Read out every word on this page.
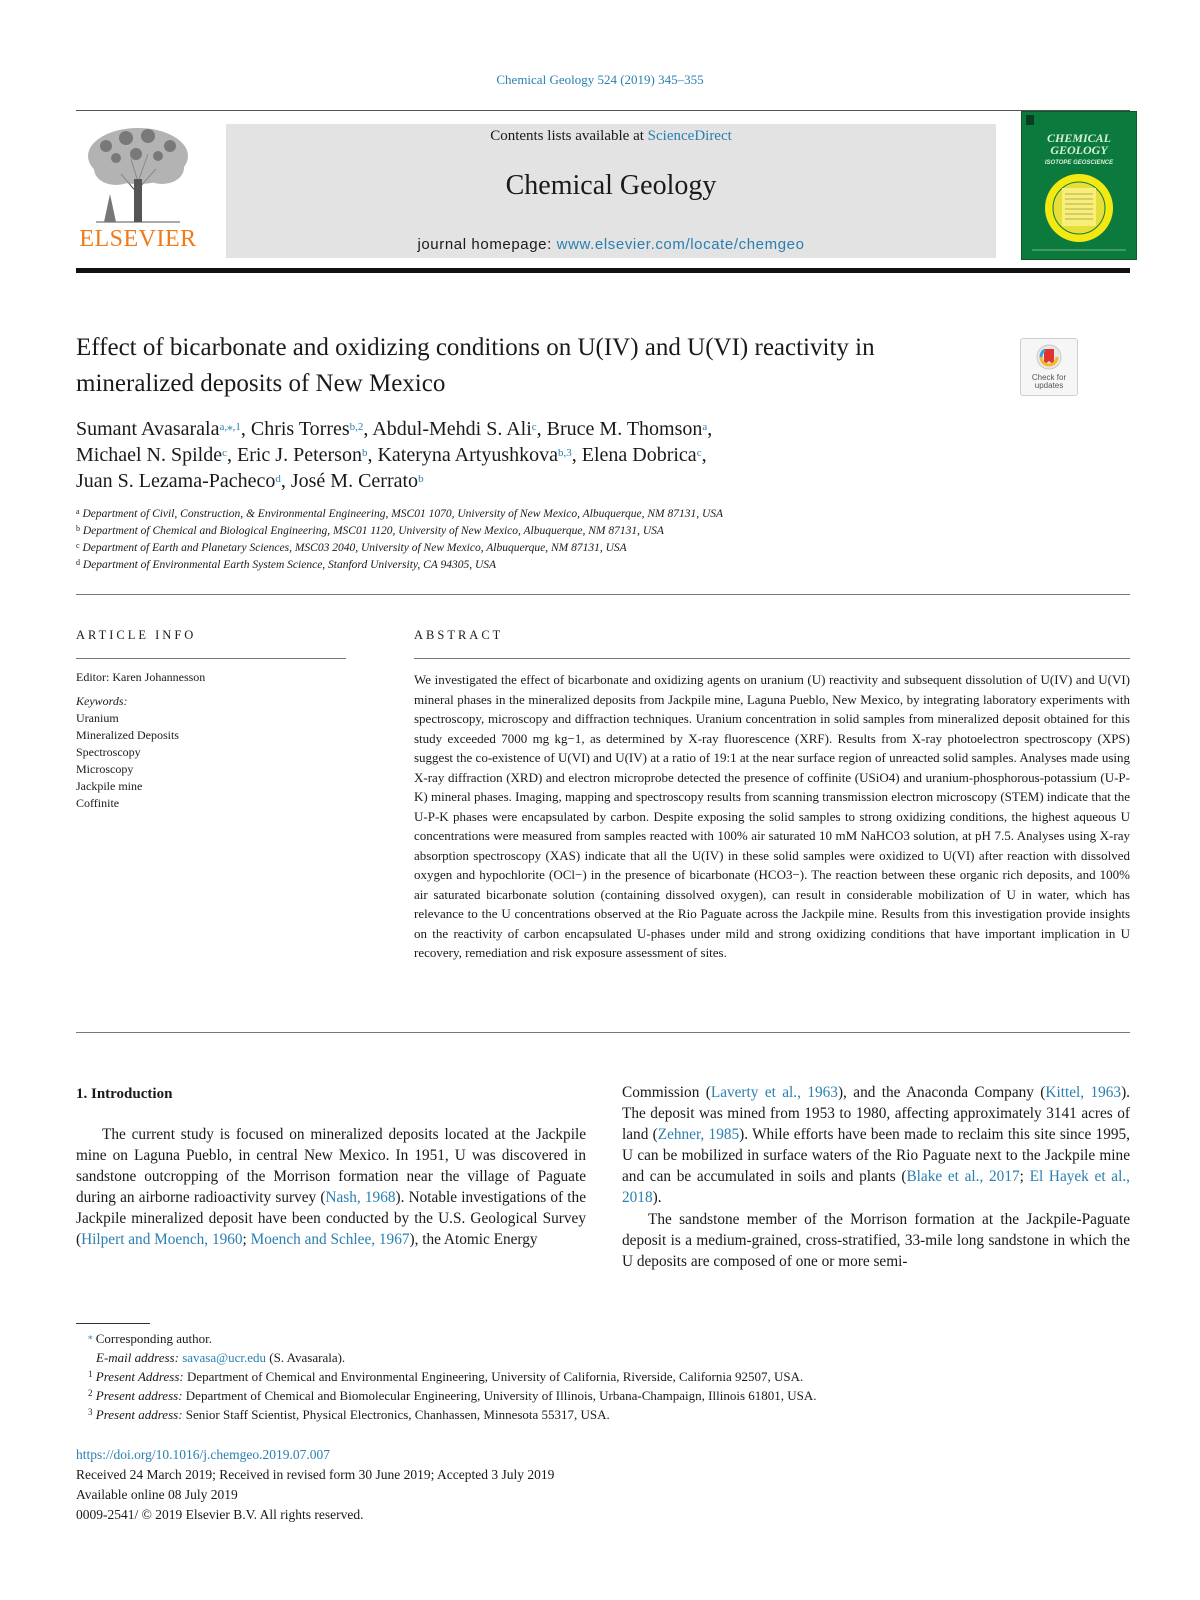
Chemical Geology 524 (2019) 345–355
ELSEVIER
Contents lists available at ScienceDirect
Chemical Geology
journal homepage: www.elsevier.com/locate/chemgeo
CHEMICAL GEOLOGY
ISOTOPE GEOSCIENCE
Effect of bicarbonate and oxidizing conditions on U(IV) and U(VI) reactivity in mineralized deposits of New Mexico	Check for updates
Sumant Avasarala$^{a,⁎,1}$, Chris Torres$^{b,2}$, Abdul-Mehdi S. Ali$^c$, Bruce M. Thomson$^a$,
Michael N. Spilde$^c$, Eric J. Peterson$^b$, Kateryna Artyushkova$^{b,3}$, Elena Dobrica$^c$,
Juan S. Lezama-Pacheco$^d$, José M. Cerrato$^b$
$^a$ Department of Civil, Construction, & Environmental Engineering, MSC01 1070, University of New Mexico, Albuquerque, NM 87131, USA
$^b$ Department of Chemical and Biological Engineering, MSC01 1120, University of New Mexico, Albuquerque, NM 87131, USA
$^c$ Department of Earth and Planetary Sciences, MSC03 2040, University of New Mexico, Albuquerque, NM 87131, USA
$^d$ Department of Environmental Earth System Science, Stanford University, CA 94305, USA
ARTICLE INFO
Editor: Karen Johannesson
Keywords:
Uranium
Mineralized Deposits
Spectroscopy
Microscopy
Jackpile mine
Coffinite
ABSTRACT
We investigated the effect of bicarbonate and oxidizing agents on uranium (U) reactivity and subsequent dissolution of U(IV) and U(VI) mineral phases in the mineralized deposits from Jackpile mine, Laguna Pueblo, New Mexico, by integrating laboratory experiments with spectroscopy, microscopy and diffraction techniques. Uranium concentration in solid samples from mineralized deposit obtained for this study exceeded 7000 mg kg−1, as determined by X-ray fluorescence (XRF). Results from X-ray photoelectron spectroscopy (XPS) suggest the co-existence of U(VI) and U(IV) at a ratio of 19:1 at the near surface region of unreacted solid samples. Analyses made using X-ray diffraction (XRD) and electron microprobe detected the presence of coffinite (USiO4) and uranium-phosphorous-potassium (U-P-K) mineral phases. Imaging, mapping and spectroscopy results from scanning transmission electron microscopy (STEM) indicate that the U-P-K phases were encapsulated by carbon. Despite exposing the solid samples to strong oxidizing conditions, the highest aqueous U concentrations were measured from samples reacted with 100% air saturated 10 mM NaHCO3 solution, at pH 7.5. Analyses using X-ray absorption spectroscopy (XAS) indicate that all the U(IV) in these solid samples were oxidized to U(VI) after reaction with dissolved oxygen and hypochlorite (OCl−) in the presence of bicarbonate (HCO3−). The reaction between these organic rich deposits, and 100% air saturated bicarbonate solution (containing dissolved oxygen), can result in considerable mobilization of U in water, which has relevance to the U concentrations observed at the Rio Paguate across the Jackpile mine. Results from this investigation provide insights on the reactivity of carbon encapsulated U-phases under mild and strong oxidizing conditions that have important implication in U recovery, remediation and risk exposure assessment of sites.
1. Introduction

The current study is focused on mineralized deposits located at the Jackpile mine on Laguna Pueblo, in central New Mexico. In 1951, U was discovered in sandstone outcropping of the Morrison formation near the village of Paguate during an airborne radioactivity survey (Nash, 1968). Notable investigations of the Jackpile mineralized deposit have been conducted by the U.S. Geological Survey (Hilpert and Moench, 1960; Moench and Schlee, 1967), the Atomic Energy

Commission (Laverty et al., 1963), and the Anaconda Company (Kittel, 1963). The deposit was mined from 1953 to 1980, affecting approximately 3141 acres of land (Zehner, 1985). While efforts have been made to reclaim this site since 1995, U can be mobilized in surface waters of the Rio Paguate next to the Jackpile mine and can be accumulated in soils and plants (Blake et al., 2017; El Hayek et al., 2018).

The sandstone member of the Morrison formation at the Jackpile-Paguate deposit is a medium-grained, cross-stratified, 33-mile long sandstone in which the U deposits are composed of one or more semi-

⁎ Corresponding author.
E-mail address: savasa@ucr.edu (S. Avasarala).
$^1$ Present Address: Department of Chemical and Environmental Engineering, University of California, Riverside, California 92507, USA.
$^2$ Present address: Department of Chemical and Biomolecular Engineering, University of Illinois, Urbana-Champaign, Illinois 61801, USA.
$^3$ Present address: Senior Staff Scientist, Physical Electronics, Chanhassen, Minnesota 55317, USA.
https://doi.org/10.1016/j.chemgeo.2019.07.007
Received 24 March 2019; Received in revised form 30 June 2019; Accepted 3 July 2019
Available online 08 July 2019
0009-2541/ © 2019 Elsevier B.V. All rights reserved.
